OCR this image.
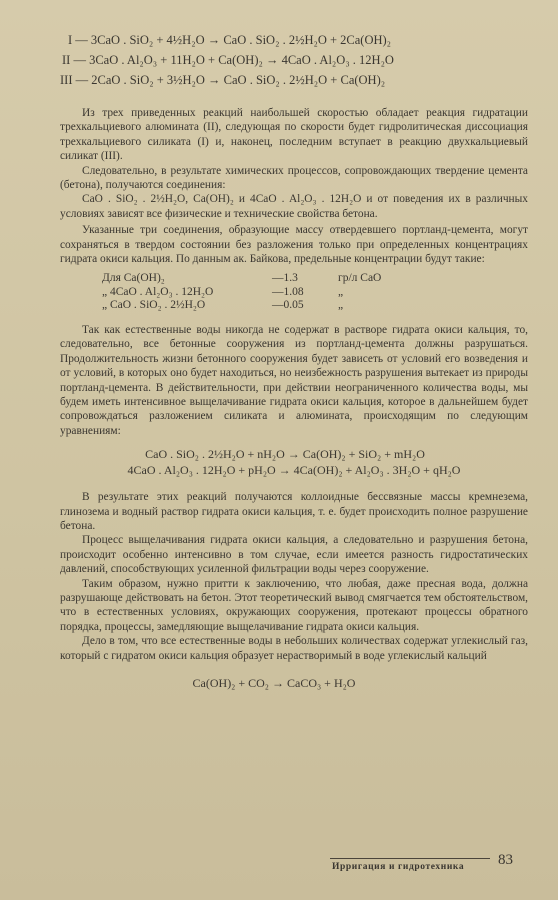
I — 3CaO . SiO₂ + 4½H₂O → CaO . SiO₂ . 2½H₂O + 2Ca(OH)₂
II — 3CaO . Al₂O₃ + 11H₂O + Ca(OH)₂ → 4CaO . Al₂O₃ . 12H₂O
III — 2CaO . SiO₂ + 3½H₂O → CaO . SiO₂ . 2½H₂O + Ca(OH)₂

Из трех приведенных реакций наибольшей скоростью обладает реакция гидратации трехкальциевого алюмината (II), следующая по скорости будет гидролитическая диссоциация трехкальциевого силиката (I) и, наконец, последним вступает в реакцию двухкальциевый силикат (III).

Следовательно, в результате химических процессов, сопровождающих твердение цемента (бетона), получаются соединения:

CaO . SiO₂ . 2½H₂O, Ca(OH)₂ и 4CaO . Al₂O₃ . 12H₂O и от поведения их в различных условиях зависят все физические и технические свойства бетона.

Указанные три соединения, образующие массу отвердевшего портланд-цемента, могут сохраняться в твердом состоянии без разложения только при определенных концентрациях гидрата окиси кальция. По данным ак. Байкова, предельные концентрации будут такие:

Для Ca(OH)₂	—1.3	гр/л CaO
„ 4CaO . Al₂O₃ . 12H₂O	—1.08	„
„ CaO . SiO₂ . 2½H₂O	—0.05	„

Так как естественные воды никогда не содержат в растворе гидрата окиси кальция, то, следовательно, все бетонные сооружения из портланд-цемента должны разрушаться. Продолжительность жизни бетонного сооружения будет зависеть от условий его возведения и от условий, в которых оно будет находиться, но неизбежность разрушения вытекает из природы портланд-цемента. В действительности, при действии неограниченного количества воды, мы будем иметь интенсивное выщелачивание гидрата окиси кальция, которое в дальнейшем будет сопровождаться разложением силиката и алюмината, происходящим по следующим уравнениям:

CaO . SiO₂ . 2½H₂O + nH₂O → Ca(OH)₂ + SiO₂ + mH₂O
4CaO . Al₂O₃ . 12H₂O + pH₂O → 4Ca(OH)₂ + Al₂O₃ . 3H₂O + qH₂O

В результате этих реакций получаются коллоидные бессвязные массы кремнезема, глинозема и водный раствор гидрата окиси кальция, т. е. будет происходить полное разрушение бетона.

Процесс выщелачивания гидрата окиси кальция, а следовательно и разрушения бетона, происходит особенно интенсивно в том случае, если имеется разность гидростатических давлений, способствующих усиленной фильтрации воды через сооружение.

Таким образом, нужно притти к заключению, что любая, даже пресная вода, должна разрушающе действовать на бетон. Этот теоретический вывод смягчается тем обстоятельством, что в естественных условиях, окружающих сооружения, протекают процессы обратного порядка, процессы, замедляющие выщелачивание гидрата окиси кальция.

Дело в том, что все естественные воды в небольших количествах содержат углекислый газ, который с гидратом окиси кальция образует нерастворимый в воде углекислый кальций

Ca(OH)₂ + CO₂ → CaCO₃ + H₂O
Ирригация и гидротехника 83
